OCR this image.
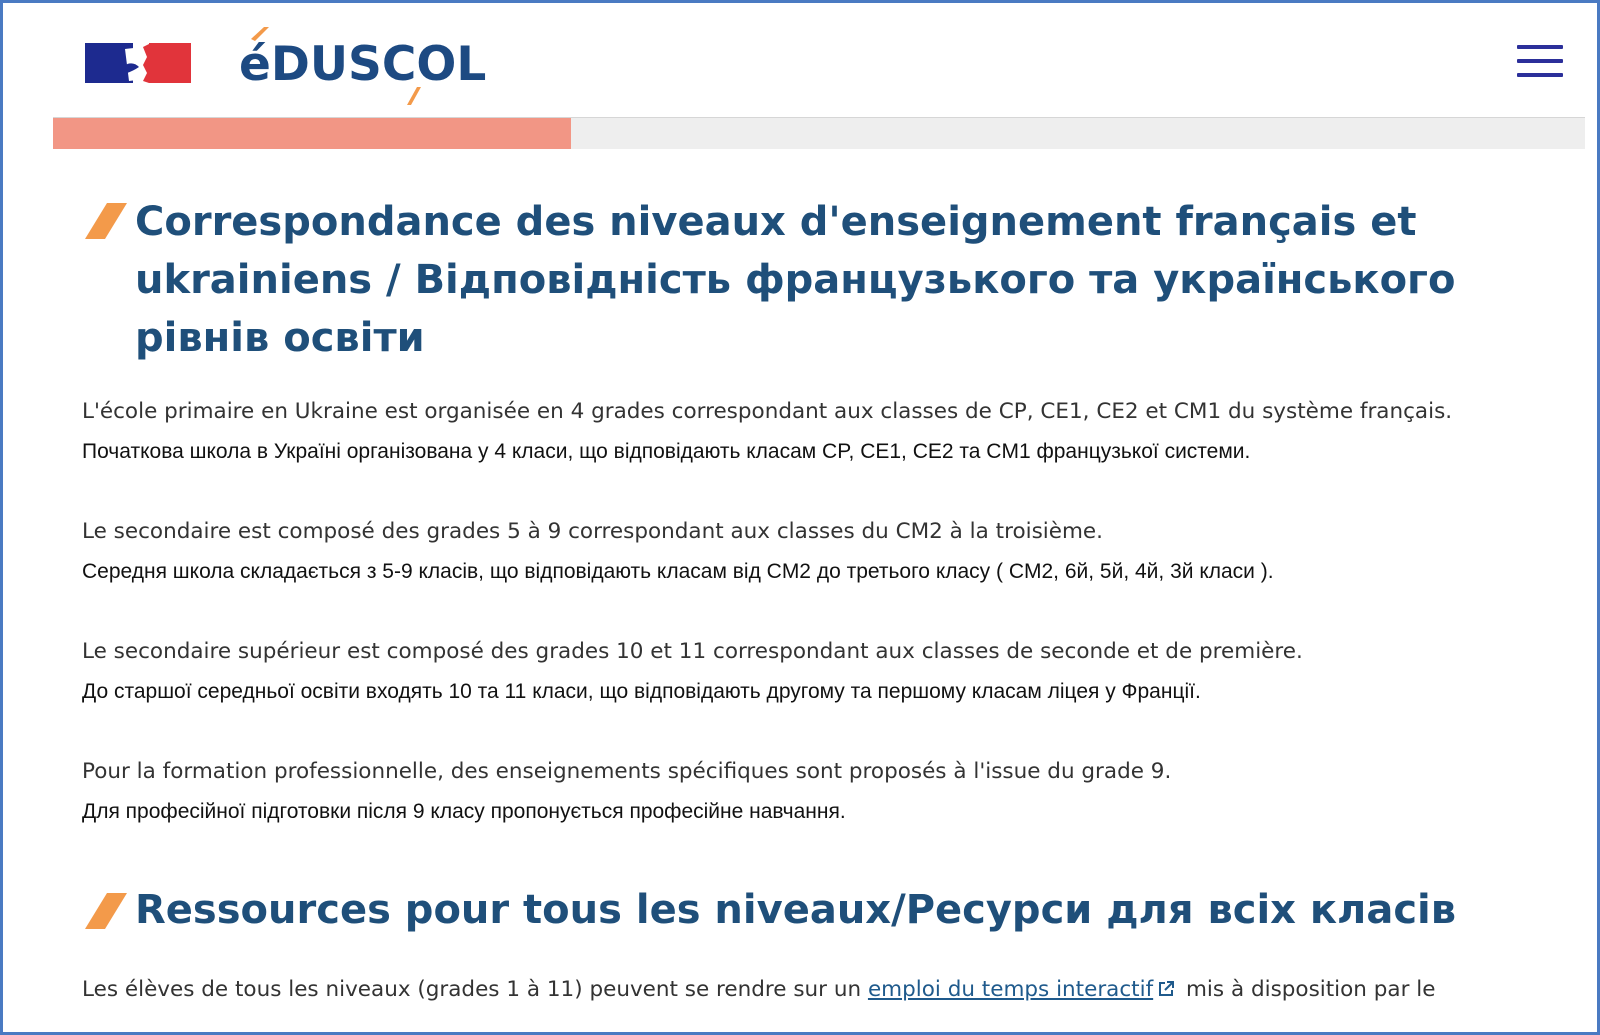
éDUSCOL
Correspondance des niveaux d'enseignement français et ukrainiens / Відповідність французького та українського рівнів освіти
L'école primaire en Ukraine est organisée en 4 grades correspondant aux classes de CP, CE1, CE2 et CM1 du système français.
Початкова школа в Україні організована у 4 класи, що відповідають класам CP, CE1, CE2 та CM1 французької системи.
Le secondaire est composé des grades 5 à 9 correspondant aux classes du CM2 à la troisième.
Середня школа складається з 5-9 класів, що відповідають класам від CM2 до третього класу ( CM2, 6й, 5й, 4й, 3й класи ).
Le secondaire supérieur est composé des grades 10 et 11 correspondant aux classes de seconde et de première.
До старшої середньої освіти входять 10 та 11 класи, що відповідають другому та першому класам ліцея у Франції.
Pour la formation professionnelle, des enseignements spécifiques sont proposés à l'issue du grade 9.
Для професійної підготовки після 9 класу пропонується професійне навчання.
Ressources pour tous les niveaux/Ресурси для всіх класів
Les élèves de tous les niveaux (grades 1 à 11) peuvent se rendre sur un emploi du temps interactif mis à disposition par le
